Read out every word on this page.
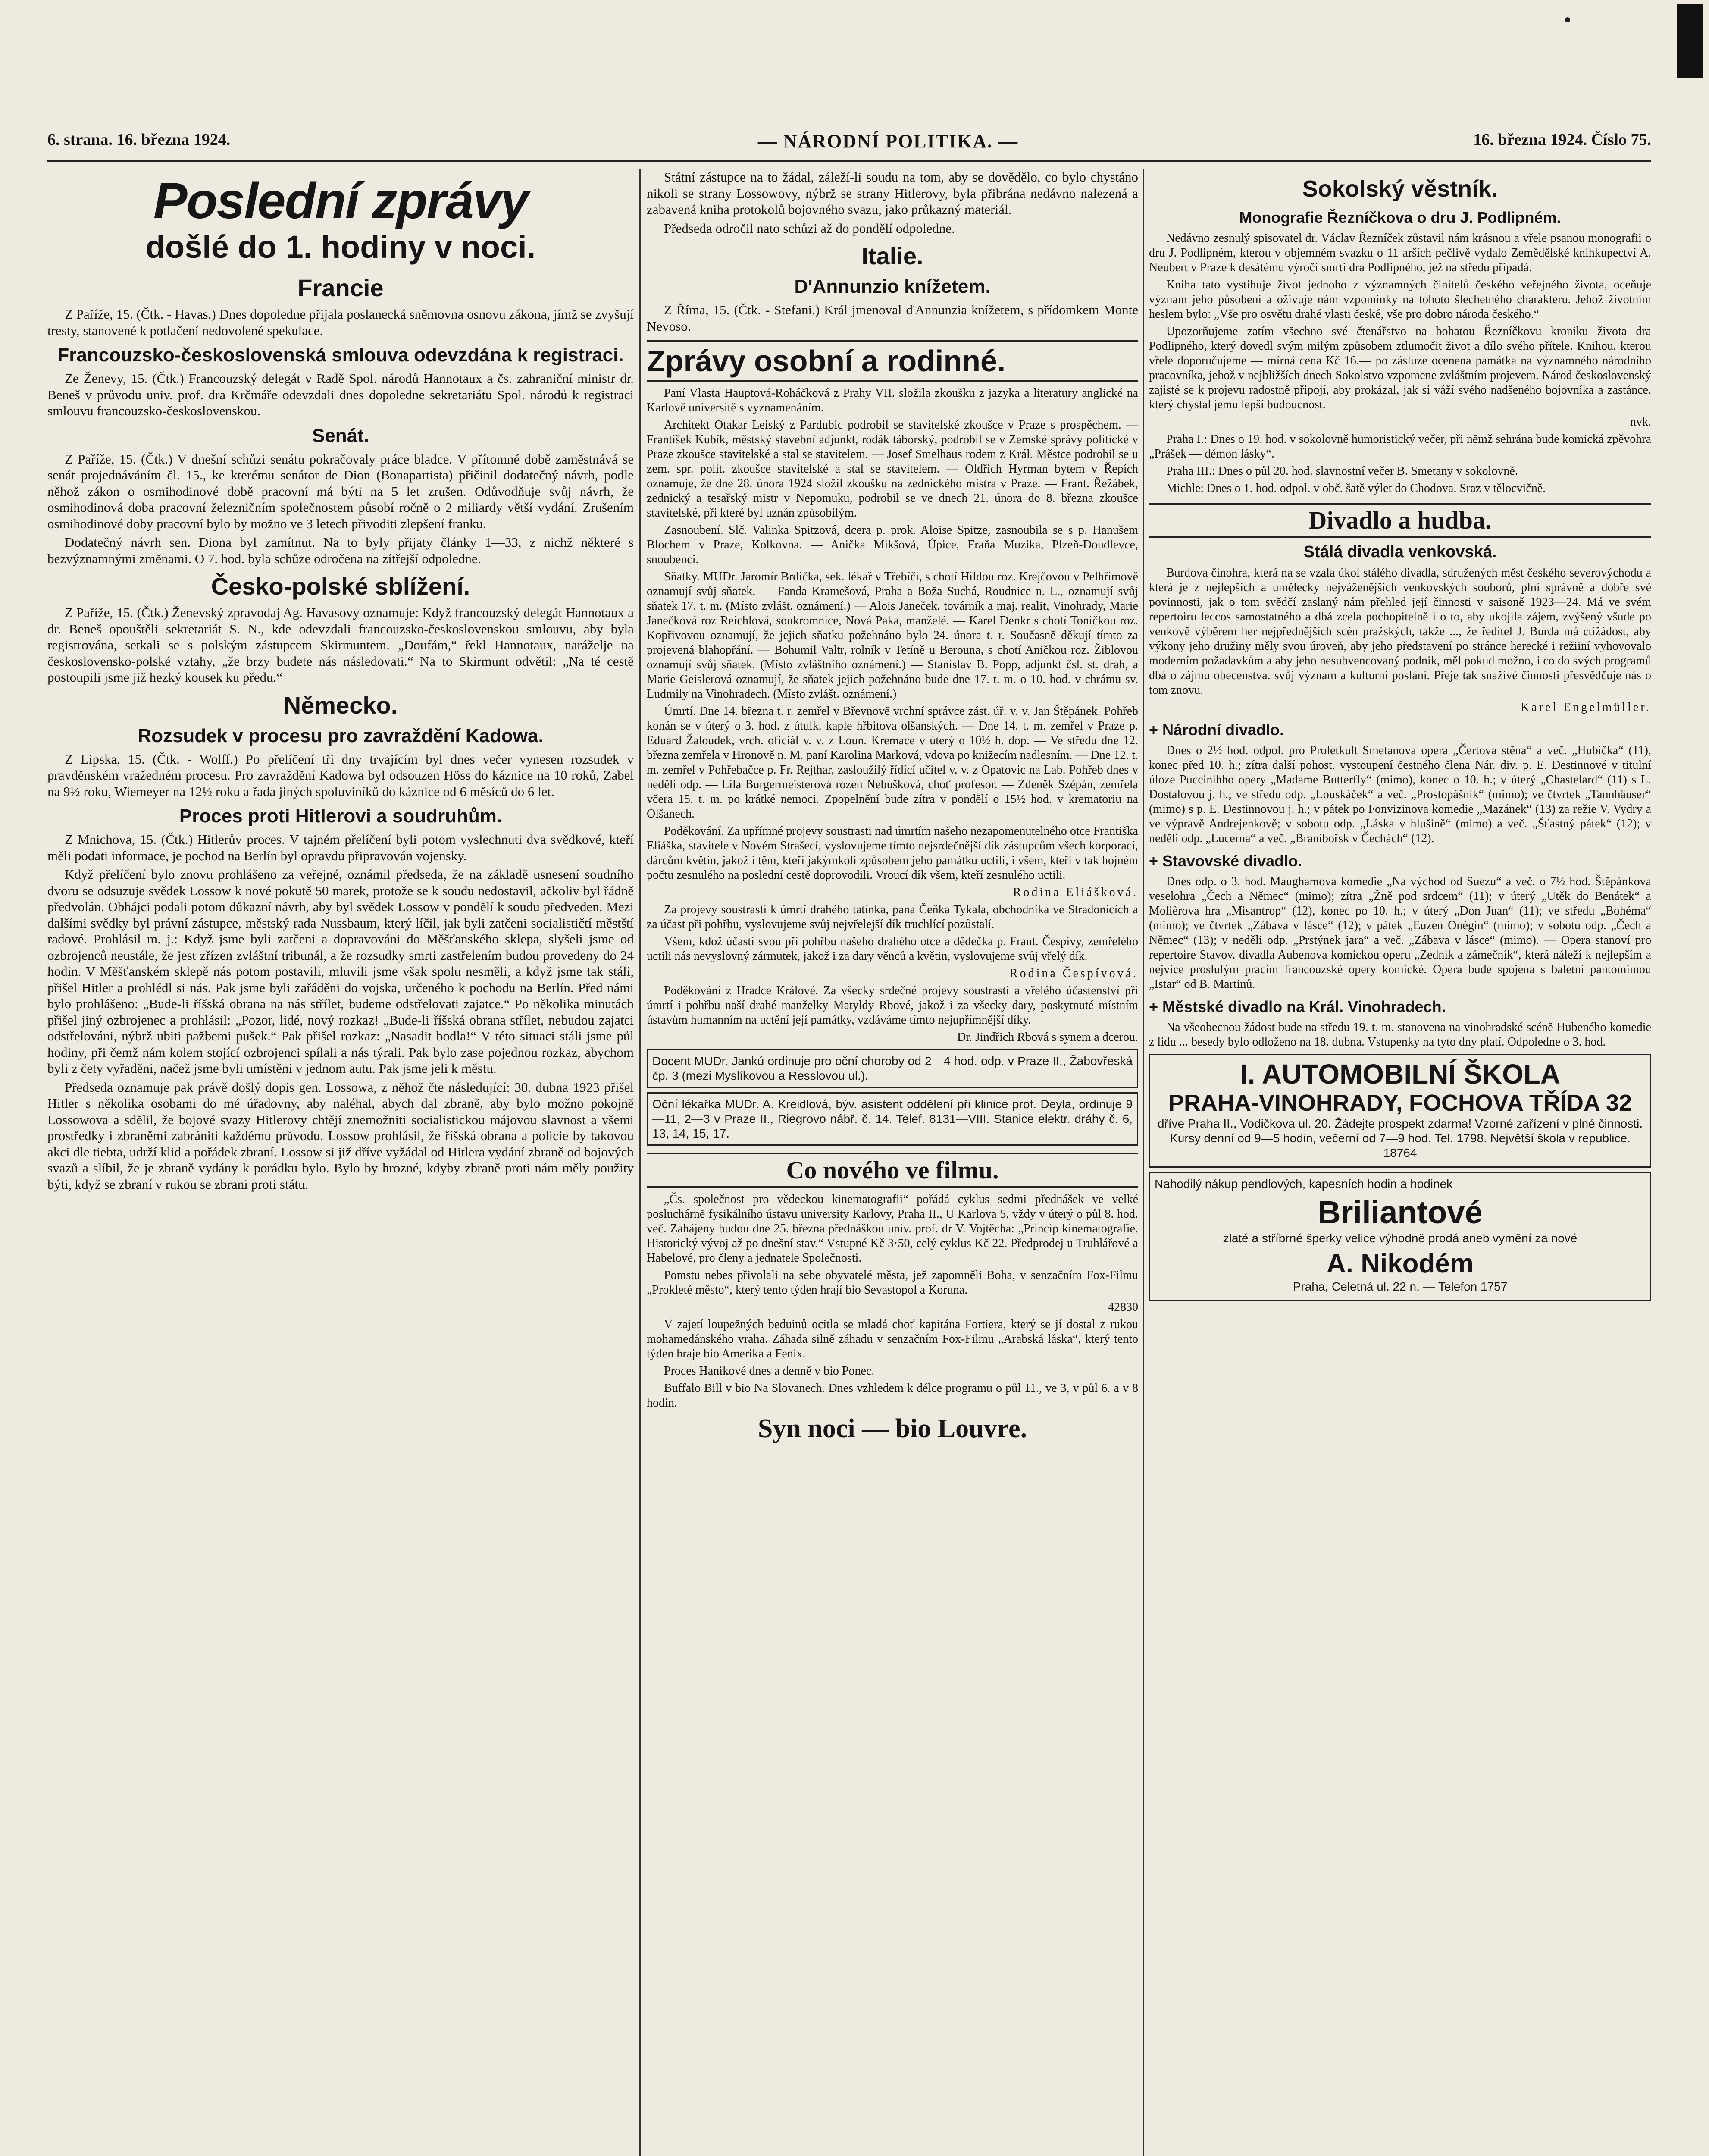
6. strana. 16. března 1924.	— NÁRODNÍ POLITIKA. —	16. března 1924. Číslo 75.
Poslední zprávy
došlé do 1. hodiny v noci.
Francie

Z Paříže, 15. (Čtk. - Havas.) Dnes dopoledne přijala poslanecká sněmovna osnovu zákona, jímž se zvyšují tresty, stanovené k potlačení nedovolené spekulace.

Francouzsko-československá smlouva odevzdána k registraci.

Ze Ženevy, 15. (Čtk.) Francouzský delegát v Radě Spol. národů Hannotaux a čs. zahraniční ministr dr. Beneš v průvodu univ. prof. dra Krčmáře odevzdali dnes dopoledne sekretariátu Spol. národů k registraci smlouvu francouzsko-československou.

Senát.

Z Paříže, 15. (Čtk.) V dnešní schůzi senátu pokračovaly práce bladce. V přítomné době zaměstnává se senát projednáváním čl. 15., ke kterému senátor de Dion (Bonapartista) přičinil dodatečný návrh, podle něhož zákon o osmihodinové době pracovní má býti na 5 let zrušen. Odůvodňuje svůj návrh, že osmihodinová doba pracovní železničním společnostem působí ročně o 2 miliardy větší vydání. Zrušením osmihodinové doby pracovní bylo by možno ve 3 letech přivoditi zlepšení franku.

Dodatečný návrh sen. Diona byl zamítnut. Na to byly přijaty články 1—33, z nichž některé s bezvýznamnými změnami. O 7. hod. byla schůze odročena na zítřejší odpoledne.

Česko-polské sblížení.

Z Paříže, 15. (Čtk.) Ženevský zpravodaj Ag. Havasovy oznamuje: Když francouzský delegát Hannotaux a dr. Beneš opouštěli sekretariát S. N., kde odevzdali francouzsko-československou smlouvu, aby byla registrována, setkali se s polským zástupcem Skirmuntem. „Doufám,“ řekl Hannotaux, naráželje na československo-polské vztahy, „že brzy budete nás následovati.“ Na to Skirmunt odvětil: „Na té cestě postoupili jsme již hezký kousek ku předu.“

Německo.
Rozsudek v procesu pro zavraždění Kadowa.

Z Lipska, 15. (Čtk. - Wolff.) Po přelíčení tři dny trvajícím byl dnes večer vynesen rozsudek v pravděnském vražedném procesu. Pro zavraždění Kadowa byl odsouzen Höss do káznice na 10 roků, Zabel na 9½ roku, Wiemeyer na 12½ roku a řada jiných spoluviníků do káznice od 6 měsíců do 6 let.

Proces proti Hitlerovi a soudruhům.

Z Mnichova, 15. (Čtk.) Hitlerův proces. V tajném přelíčení byli potom vyslechnuti dva svědkové, kteří měli podati informace, je pochod na Berlín byl opravdu připravován vojensky.

Když přelíčení bylo znovu prohlášeno za veřejné, oznámil předseda, že na základě usnesení soudního dvoru se odsuzuje svědek Lossow k nové pokutě 50 marek, protože se k soudu nedostavil, ačkoliv byl řádně předvolán. Obhájci podali potom důkazní návrh, aby byl svědek Lossow v pondělí k soudu předveden. Mezi dalšími svědky byl právní zástupce, městský rada Nussbaum, který líčil, jak byli zatčeni socialističtí městští radové. Prohlásil m. j.: Když jsme byli zatčeni a dopravováni do Měšťanského sklepa, slyšeli jsme od ozbrojenců neustále, že jest zřízen zvláštní tribunál, a že rozsudky smrti zastřelením budou provedeny do 24 hodin. V Měšťanském sklepě nás potom postavili, mluvili jsme však spolu nesměli, a když jsme tak stáli, přišel Hitler a prohlédl si nás. Pak jsme byli zařáděni do vojska, určeného k pochodu na Berlín. Před námi bylo prohlášeno: „Bude-li říšská obrana na nás střílet, budeme odstřelovati zajatce.“ Po několika minutách přišel jiný ozbrojenec a prohlásil: „Pozor, lidé, nový rozkaz! „Bude-li říšská obrana střílet, nebudou zajatci odstřelováni, nýbrž ubiti pažbemi pušek.“ Pak přišel rozkaz: „Nasadit bodla!“ V této situaci stáli jsme půl hodiny, při čemž nám kolem stojící ozbrojenci spílali a nás týrali. Pak bylo zase pojednou rozkaz, abychom byli z čety vyřaděni, načež jsme byli umístěni v jednom autu. Pak jsme jeli k městu.

Předseda oznamuje pak právě došlý dopis gen. Lossowa, z něhož čte následující: 30. dubna 1923 přišel Hitler s několika osobami do mé úřadovny, aby naléhal, abych dal zbraně, aby bylo možno pokojně Lossowova a sdělil, že bojové svazy Hitlerovy chtějí znemožniti socialistickou májovou slavnost a všemi prostředky i zbraněmi zabrániti každému průvodu. Lossow prohlásil, že říšská obrana a policie by takovou akci dle tiebta, udrží klid a pořádek zbraní. Lossow si již dříve vyžádal od Hitlera vydání zbraně od bojových svazů a slíbil, že je zbraně vydány k porádku bylo. Bylo by hrozné, kdyby zbraně proti nám měly použity býti, když se zbraní v rukou se zbrani proti státu.

Státní zástupce na to žádal, záleží-li soudu na tom, aby se dovědělo, co bylo chystáno nikoli se strany Lossowovy, nýbrž se strany Hitlerovy, byla přibrána nedávno nalezená a zabavená kniha protokolů bojovného svazu, jako průkazný materiál.

Předseda odročil nato schůzi až do pondělí odpoledne.

Italie.
D'Annunzio knížetem.

Z Říma, 15. (Čtk. - Stefani.) Král jmenoval d'Annunzia knížetem, s přídomkem Monte Nevoso.

Zprávy osobní a rodinné.

Paní Vlasta Hauptová-Roháčková z Prahy VII. složila zkoušku z jazyka a literatury anglické na Karlově universitě s vyznamenáním.

Architekt Otakar Leiský z Pardubic podrobil se stavitelské zkoušce v Praze s prospěchem. — František Kubík, městský stavební adjunkt, rodák táborský, podrobil se v Zemské správy politické v Praze zkoušce stavitelské a stal se stavitelem. — Josef Smelhaus rodem z Král. Městce podrobil se u zem. spr. polit. zkoušce stavitelské a stal se stavitelem. — Oldřich Hyrman bytem v Řepích oznamuje, že dne 28. února 1924 složil zkoušku na zednického mistra v Praze. — Frant. Řežábek, zednický a tesařský mistr v Nepomuku, podrobil se ve dnech 21. února do 8. března zkoušce stavitelské, při které byl uznán způsobilým.

Zasnoubení. Slč. Valinka Spitzová, dcera p. prok. Aloise Spitze, zasnoubila se s p. Hanušem Blochem v Praze, Kolkovna. — Anička Mikšová, Úpice, Fraňa Muzika, Plzeň-Doudlevce, snoubenci.

Sňatky. MUDr. Jaromír Brdička, sek. lékař v Třebíči, s chotí Hildou roz. Krejčovou v Pelhřimově oznamují svůj sňatek. — Fanda Kramešová, Praha a Boža Suchá, Roudnice n. L., oznamují svůj sňatek 17. t. m. (Místo zvlášt. oznámení.) — Alois Janeček, továrník a maj. realit, Vinohrady, Marie Janečková roz Reichlová, soukromnice, Nová Paka, manželé. — Karel Denkr s chotí Toničkou roz. Kopřivovou oznamují, že jejich sňatku požehnáno bylo 24. února t. r. Současně děkují tímto za projevená blahopřání. — Bohumil Valtr, rolník v Tetíně u Berouna, s chotí Aničkou roz. Žiblovou oznamují svůj sňatek. (Místo zvláštního oznámení.) — Stanislav B. Popp, adjunkt čsl. st. drah, a Marie Geislerová oznamují, že sňatek jejich požehnáno bude dne 17. t. m. o 10. hod. v chrámu sv. Ludmily na Vinohradech. (Místo zvlášt. oznámení.)

Úmrtí. Dne 14. března t. r. zemřel v Břevnově vrchní správce zást. úř. v. v. Jan Štěpánek. Pohřeb konán se v úterý o 3. hod. z útulk. kaple hřbitova olšanských. — Dne 14. t. m. zemřel v Praze p. Eduard Žaloudek, vrch. oficiál v. v. z Loun. Kremace v úterý o 10½ h. dop. — Ve středu dne 12. března zemřela v Hronově n. M. paní Karolina Marková, vdova po knižecím nadlesním. — Dne 12. t. m. zemřel v Pohřebačce p. Fr. Rejthar, zasloužilý řídící učitel v. v. z Opatovic na Lab. Pohřeb dnes v neděli odp. — Lila Burgermeisterová rozen Nebušková, choť profesor. — Zdeněk Szépán, zemřela včera 15. t. m. po krátké nemoci. Zpopelnění bude zítra v pondělí o 15½ hod. v krematoriu na Olšanech.

Poděkování. Za upřímné projevy soustrasti nad úmrtím našeho nezapomenutelného otce Františka Eliáška, stavitele v Novém Strašecí, vyslovujeme tímto nejsrdečnější dík zástupcům všech korporací, dárcům květin, jakož i těm, kteří jakýmkoli způsobem jeho památku uctili, i všem, kteří v tak hojném počtu zesnulého na poslední cestě doprovodili. Vroucí dík všem, kteří zesnulého uctili.

Rodina Eliášková.

Za projevy soustrasti k úmrtí drahého tatínka, pana Čeňka Tykala, obchodníka ve Stradonicích a za účast při pohřbu, vyslovujeme svůj nejvřelejší dík truchlící pozůstalí.

Všem, kdož účastí svou při pohřbu našeho drahého otce a dědečka p. Frant. Čespívy, zemřelého uctili nás nevyslovný zármutek, jakož i za dary věnců a květin, vyslovujeme svůj vřelý dík.

Rodina Čespívová.

Poděkování z Hradce Králové. Za všecky srdečné projevy soustrasti a vřelého účastenství při úmrtí i pohřbu naší drahé manželky Matyldy Rbové, jakož i za všecky dary, poskytnuté místním ústavům humanním na uctění její památky, vzdáváme tímto nejupřímnější díky.

Dr. Jindřich Rbová s synem a dcerou.

Docent MUDr. Jankú ordinuje pro oční choroby od 2—4 hod. odp. v Praze II., Žabovřeská čp. 3 (mezi Myslíkovou a Resslovou ul.).
Oční lékařka MUDr. A. Kreidlová, býv. asistent oddělení při klinice prof. Deyla, ordinuje 9—11, 2—3 v Praze II., Riegrovo nábř. č. 14. Telef. 8131—VIII. Stanice elektr. dráhy č. 6, 13, 14, 15, 17.
Co nového ve filmu.

„Čs. společnost pro vědeckou kinematografii“ pořádá cyklus sedmi přednášek ve velké posluchárně fysikálního ústavu university Karlovy, Praha II., U Karlova 5, vždy v úterý o půl 8. hod. več. Zahájeny budou dne 25. března přednáškou univ. prof. dr V. Vojtěcha: „Princip kinematografie. Historický vývoj až po dnešní stav.“ Vstupné Kč 3·50, celý cyklus Kč 22. Předprodej u Truhlářové a Habelové, pro členy a jednatele Společnosti.

Pomstu nebes přivolali na sebe obyvatelé města, jež zapomněli Boha, v senzačním Fox-Filmu „Prokleté město“, který tento týden hrají bio Sevastopol a Koruna.

42830

V zajetí loupežných beduinů ocitla se mladá choť kapitána Fortiera, který se jí dostal z rukou mohamedánského vraha. Záhada silně záhadu v senzačním Fox-Filmu „Arabská láska“, který tento týden hraje bio Amerika a Fenix.

Proces Hanikové dnes a denně v bio Ponec.

Buffalo Bill v bio Na Slovanech. Dnes vzhledem k délce programu o půl 11., ve 3, v půl 6. a v 8 hodin.

Syn noci — bio Louvre.
Sokolský věstník.
Monografie Řezníčkova o dru J. Podlipném.

Nedávno zesnulý spisovatel dr. Václav Řezníček zůstavil nám krásnou a vřele psanou monografii o dru J. Podlipném, kterou v objemném svazku o 11 arších pečlivě vydalo Zemědělské knihkupectví A. Neubert v Praze k desátému výročí smrti dra Podlipného, jež na středu připadá.

Kniha tato vystihuje život jednoho z významných činitelů českého veřejného života, oceňuje význam jeho působení a oživuje nám vzpomínky na tohoto šlechetného charakteru. Jehož životním heslem bylo: „Vše pro osvětu drahé vlasti české, vše pro dobro národa českého.“

Upozorňujeme zatím všechno své čtenářstvo na bohatou Řezníčkovu kroniku života dra Podlipného, který dovedl svým milým způsobem ztlumočit život a dílo svého přítele. Knihou, kterou vřele doporučujeme — mírná cena Kč 16.— po zásluze ocenena památka na významného národního pracovníka, jehož v nejbližších dnech Sokolstvo vzpomene zvláštním projevem. Národ československý zajisté se k projevu radostně připojí, aby prokázal, jak si váží svého nadšeného bojovníka a zastánce, který chystal jemu lepší budoucnost.

nvk.

Praha I.: Dnes o 19. hod. v sokolovně humoristický večer, při němž sehrána bude komická zpěvohra „Prášek — démon lásky“.

Praha III.: Dnes o půl 20. hod. slavnostní večer B. Smetany v sokolovně.

Michle: Dnes o 1. hod. odpol. v obč. šatě výlet do Chodova. Sraz v tělocvičně.

Divadlo a hudba.
Stálá divadla venkovská.

Burdova činohra, která na se vzala úkol stálého divadla, sdružených měst českého severovýchodu a která je z nejlepších a umělecky nejváženějších venkovských souborů, plní správně a dobře své povinnosti, jak o tom svědčí zaslaný nám přehled její činnosti v saisoně 1923—24. Má ve svém repertoiru leccos samostatného a dbá zcela pochopitelně i o to, aby ukojila zájem, zvýšený všude po venkově výběrem her nejpřednějších scén pražských, takže ..., že ředitel J. Burda má ctižádost, aby výkony jeho družiny měly svou úroveň, aby jeho představení po stránce herecké i režiiní vyhovovalo moderním požadavkům a aby jeho nesubvencovaný podnik, měl pokud možno, i co do svých programů dbá o zájmu obecenstva. svůj význam a kulturní poslání. Přeje tak snažívé činnosti přesvědčuje nás o tom znovu.

Karel Engelmüller.

+ Národní divadlo.

Dnes o 2½ hod. odpol. pro Proletkult Smetanova opera „Čertova stěna“ a več. „Hubička“ (11), konec před 10. h.; zítra další pohost. vystoupení čestného člena Nár. div. p. E. Destinnové v titulní úloze Puccinihho opery „Madame Butterfly“ (mimo), konec o 10. h.; v úterý „Chastelard“ (11) s L. Dostalovou j. h.; ve středu odp. „Louskáček“ a več. „Prostopášník“ (mimo); ve čtvrtek „Tannhäuser“ (mimo) s p. E. Destinnovou j. h.; v pátek po Fonvizinova komedie „Mazánek“ (13) za režie V. Vydry a ve výpravě Andrejenkově; v sobotu odp. „Láska v hlušině“ (mimo) a več. „Šťastný pátek“ (12); v neděli odp. „Lucerna“ a več. „Branibořsk v Čechách“ (12).

+ Stavovské divadlo.

Dnes odp. o 3. hod. Maughamova komedie „Na východ od Suezu“ a več. o 7½ hod. Štěpánkova veselohra „Čech a Němec“ (mimo); zítra „Žně pod srdcem“ (11); v úterý „Utěk do Benátek“ a Molièrova hra „Misantrop“ (12), konec po 10. h.; v úterý „Don Juan“ (11); ve středu „Bohéma“ (mimo); ve čtvrtek „Zábava v lásce“ (12); v pátek „Euzen Onégin“ (mimo); v sobotu odp. „Čech a Němec“ (13); v neděli odp. „Prstýnek jara“ a več. „Zábava v lásce“ (mimo). — Opera stanoví pro repertoire Stavov. divadla Aubenova komickou operu „Zednik a zámečník“, která náleží k nejlepším a nejvíce proslulým pracím francouzské opery komické. Opera bude spojena s baletní pantomimou „Istar“ od B. Martinů.

+ Městské divadlo na Král. Vinohradech.

Na všeobecnou žádost bude na středu 19. t. m. stanovena na vinohradské scéně Hubeného komedie z lidu ... besedy bylo odloženo na 18. dubna. Vstupenky na tyto dny platí. Odpoledne o 3. hod.

I. AUTOMOBILNÍ ŠKOLA
PRAHA-VINOHRADY, FOCHOVA TŘÍDA 32

dříve Praha II., Vodičkova ul. 20. Žádejte prospekt zdarma! Vzorné zařízení v plné činnosti. Kursy denní od 9—5 hodin, večerní od 7—9 hod. Tel. 1798. Největší škola v republice. 18764

Nahodilý nákup pendlových, kapesních hodin a hodinek

Briliantové

zlaté a stříbrné šperky velice výhodně prodá aneb vymění za nové

A. Nikodém

Praha, Celetná ul. 22 n. — Telefon 1757
